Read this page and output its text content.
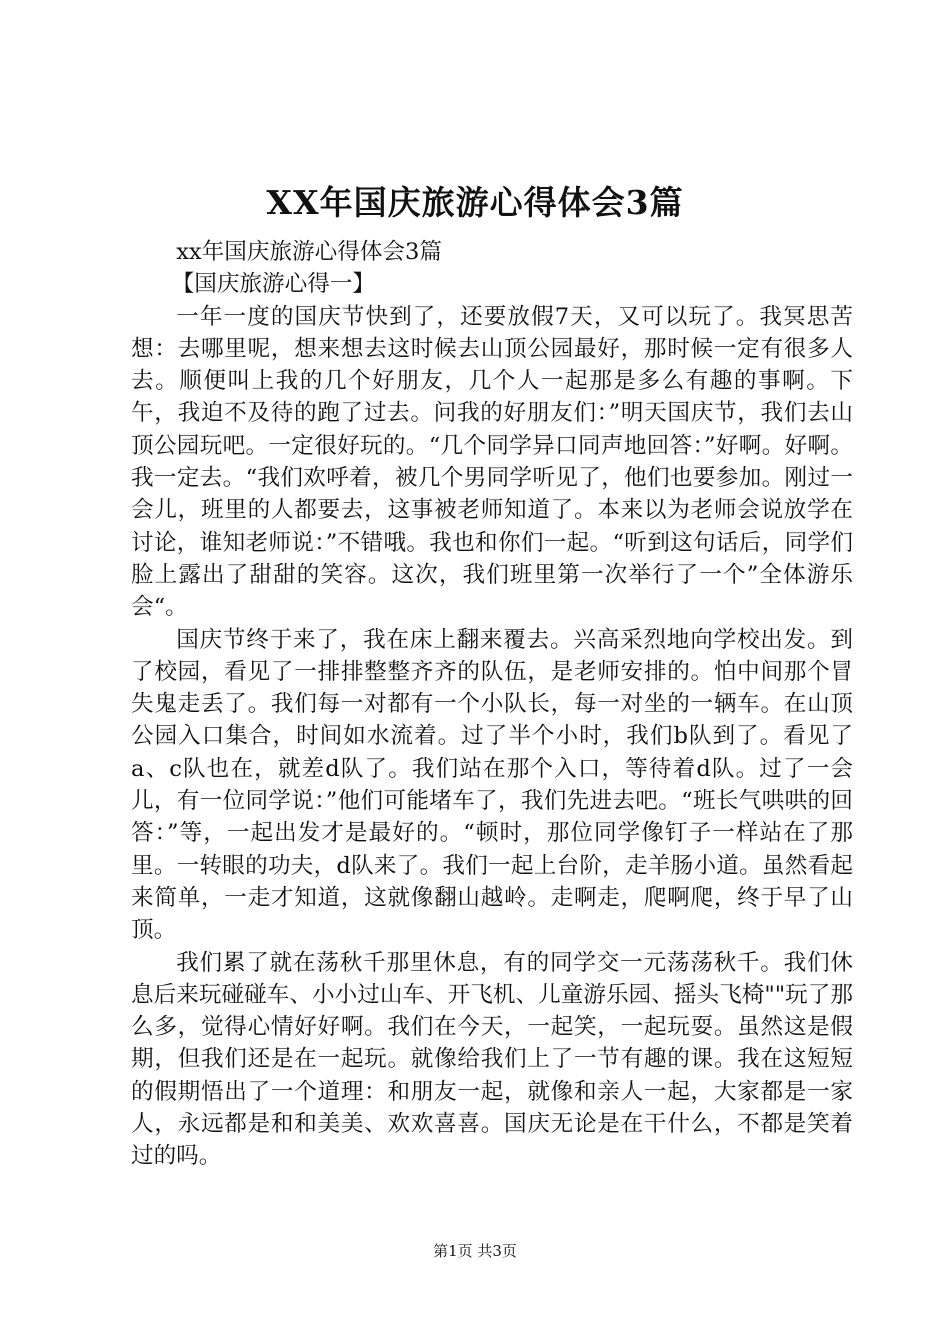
XX年国庆旅游心得体会3篇

xx年国庆旅游心得体会3篇

【国庆旅游心得一】

一年一度的国庆节快到了，还要放假7天，又可以玩了。我冥思苦想：去哪里呢，想来想去这时候去山顶公园最好，那时候一定有很多人去。顺便叫上我的几个好朋友，几个人一起那是多么有趣的事啊。下午，我迫不及待的跑了过去。问我的好朋友们：”明天国庆节，我们去山顶公园玩吧。一定很好玩的。“几个同学异口同声地回答：”好啊。好啊。我一定去。“我们欢呼着，被几个男同学听见了，他们也要参加。刚过一会儿，班里的人都要去，这事被老师知道了。本来以为老师会说放学在讨论，谁知老师说：”不错哦。我也和你们一起。“听到这句话后，同学们脸上露出了甜甜的笑容。这次，我们班里第一次举行了一个”全体游乐会“。

国庆节终于来了，我在床上翻来覆去。兴高采烈地向学校出发。到了校园，看见了一排排整整齐齐的队伍，是老师安排的。怕中间那个冒失鬼走丢了。我们每一对都有一个小队长，每一对坐的一辆车。在山顶公园入口集合，时间如水流着。过了半个小时，我们b队到了。看见了a、c队也在，就差d队了。我们站在那个入口，等待着d队。过了一会儿，有一位同学说：”他们可能堵车了，我们先进去吧。“班长气哄哄的回答：”等，一起出发才是最好的。“顿时，那位同学像钉子一样站在了那里。一转眼的功夫，d队来了。我们一起上台阶，走羊肠小道。虽然看起来简单，一走才知道，这就像翻山越岭。走啊走，爬啊爬，终于早了山顶。

我们累了就在荡秋千那里休息，有的同学交一元荡荡秋千。我们休息后来玩碰碰车、小小过山车、开飞机、儿童游乐园、摇头飞椅""玩了那么多，觉得心情好好啊。我们在今天，一起笑，一起玩耍。虽然这是假期，但我们还是在一起玩。就像给我们上了一节有趣的课。我在这短短的假期悟出了一个道理：和朋友一起，就像和亲人一起，大家都是一家人，永远都是和和美美、欢欢喜喜。国庆无论是在干什么，不都是笑着过的吗。

第1页 共3页
